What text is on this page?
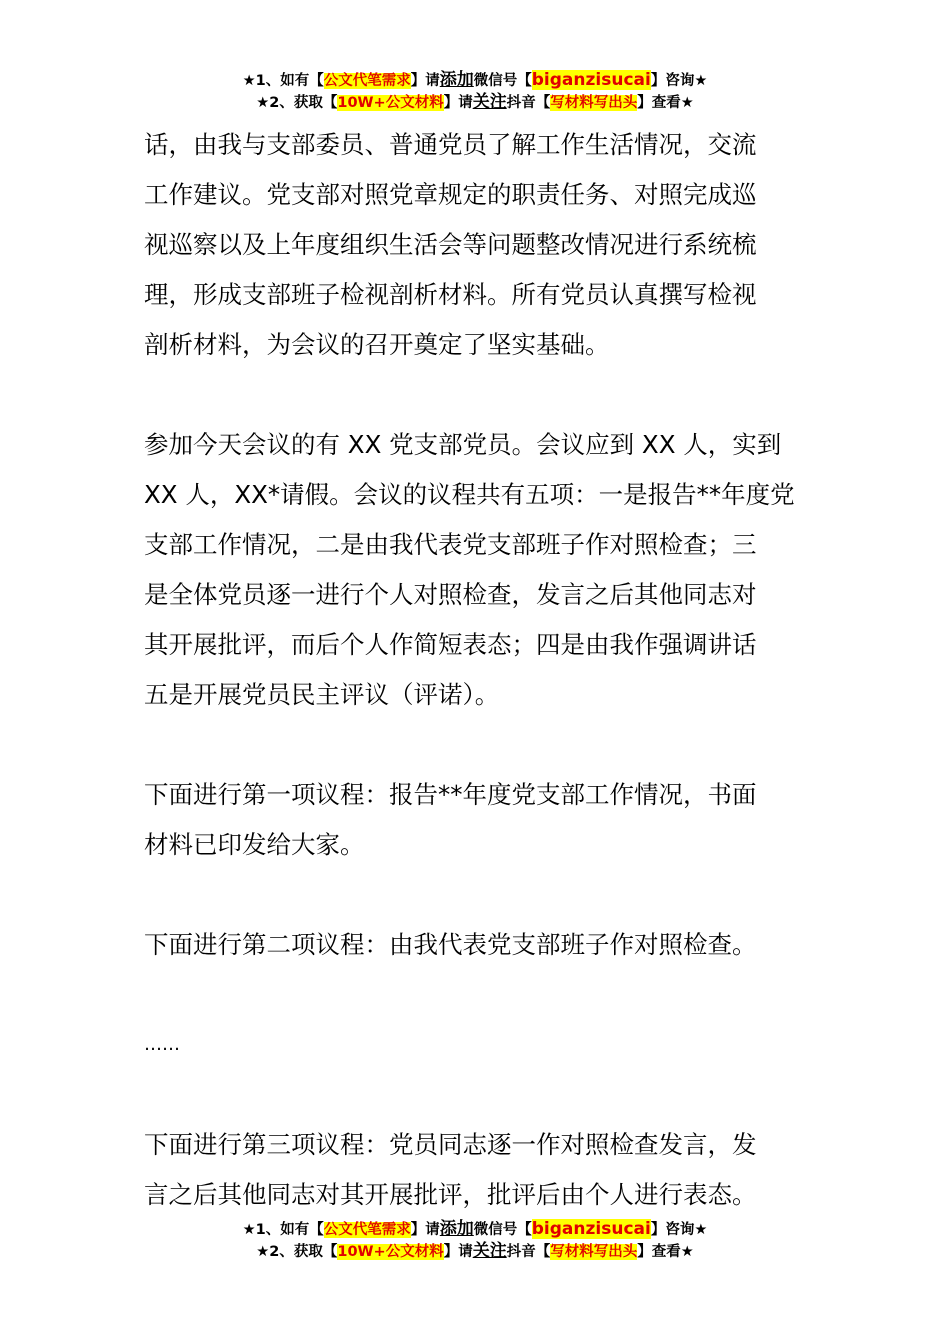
★1、如有【公文代笔需求】请添加微信号【biganzisucai】咨询★
★2、获取【10W+公文材料】请关注抖音【写材料写出头】查看★
话，由我与支部委员、普通党员了解工作生活情况，交流
工作建议。党支部对照党章规定的职责任务、对照完成巡
视巡察以及上年度组织生活会等问题整改情况进行系统梳
理，形成支部班子检视剖析材料。所有党员认真撰写检视
剖析材料，为会议的召开奠定了坚实基础。
参加今天会议的有 XX 党支部党员。会议应到 XX 人，实到
XX 人，XX*请假。会议的议程共有五项：一是报告**年度党
支部工作情况，二是由我代表党支部班子作对照检查；三
是全体党员逐一进行个人对照检查，发言之后其他同志对
其开展批评，而后个人作简短表态；四是由我作强调讲话
五是开展党员民主评议（评诺）。
下面进行第一项议程：报告**年度党支部工作情况，书面
材料已印发给大家。
下面进行第二项议程：由我代表党支部班子作对照检查。
……
下面进行第三项议程：党员同志逐一作对照检查发言，发
言之后其他同志对其开展批评，批评后由个人进行表态。
★1、如有【公文代笔需求】请添加微信号【biganzisucai】咨询★
★2、获取【10W+公文材料】请关注抖音【写材料写出头】查看★
